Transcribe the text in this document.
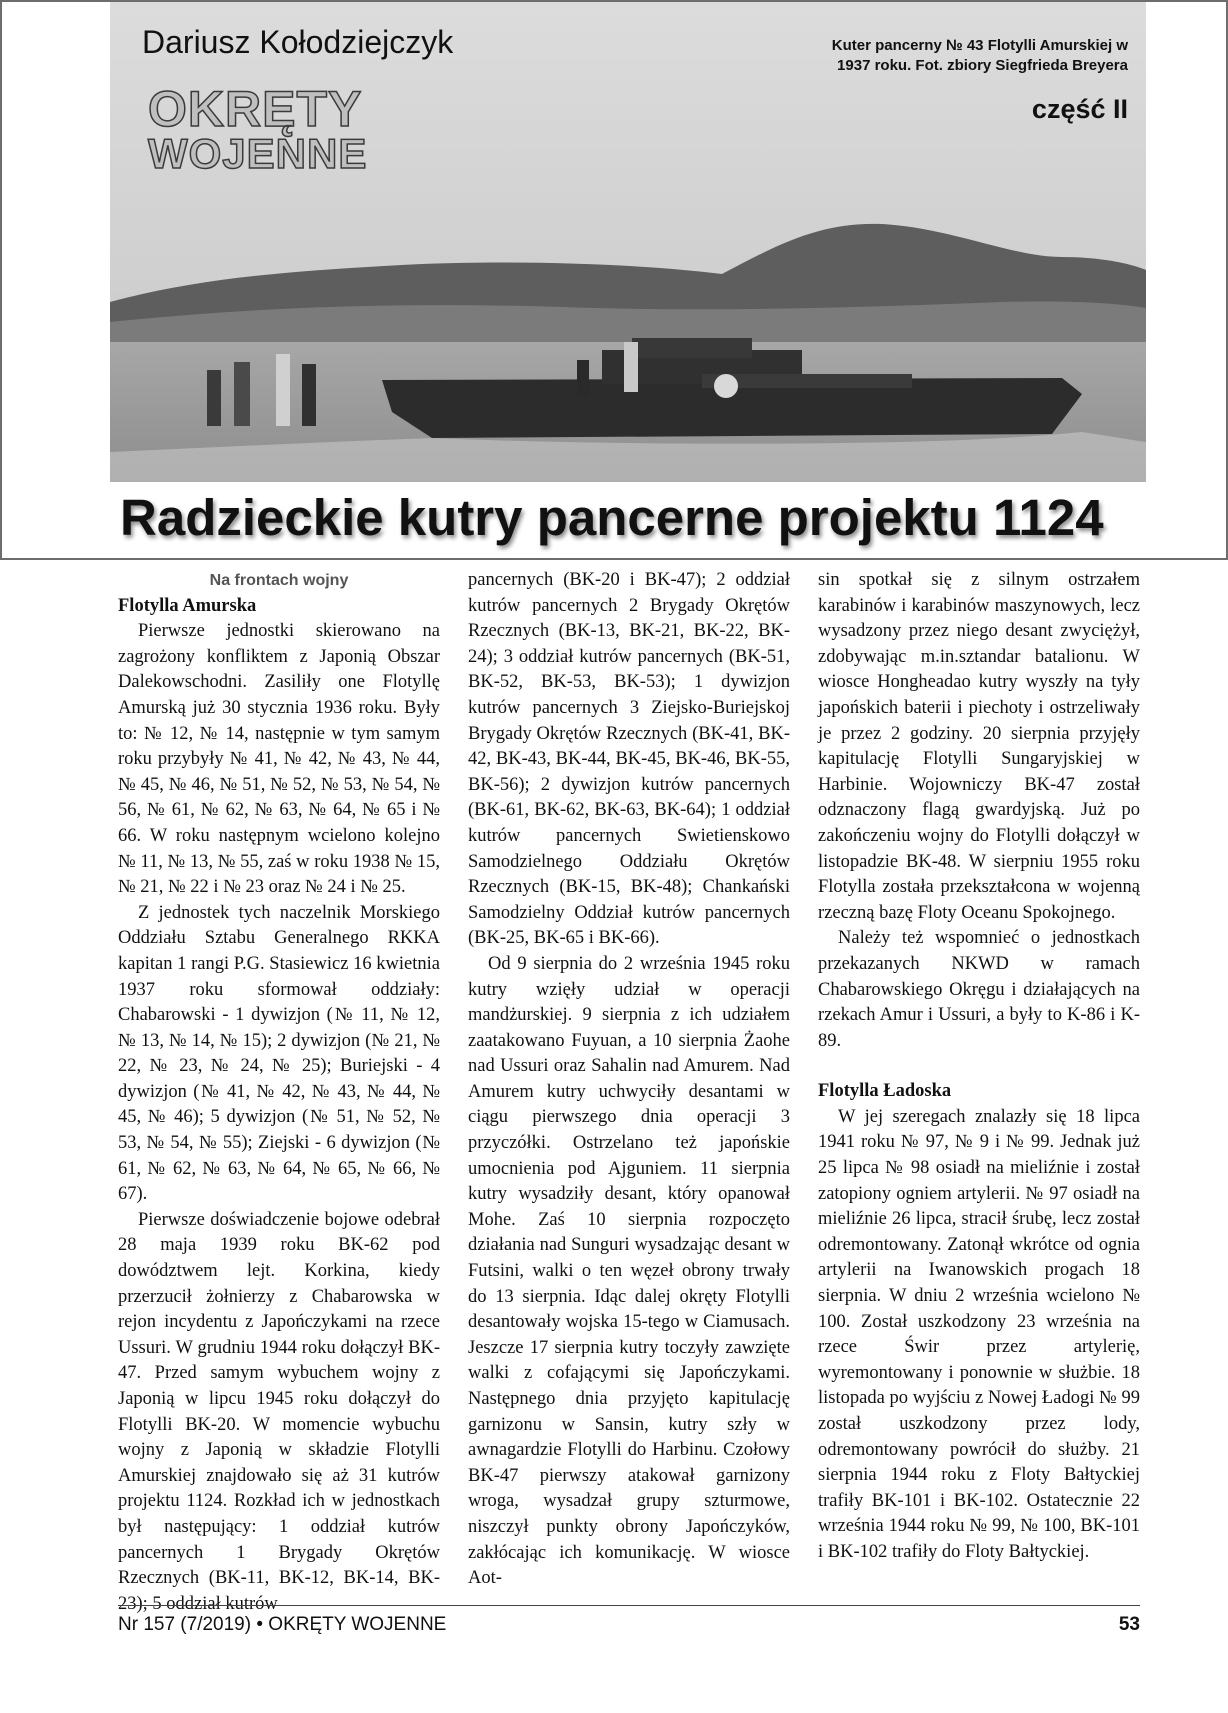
Dariusz Kołodziejczyk
OKRĘTY
WOJENNE
Kuter pancerny № 43 Flotylli Amurskiej w
1937 roku. Fot. zbiory Siegfrieda Breyera
część II
Radzieckie kutry pancerne projektu 1124
Na frontach wojny
Flotylla Amurska

Pierwsze jednostki skierowano na zagrożony konfliktem z Japonią Obszar Dalekowschodni. Zasiliły one Flotyllę Amurską już 30 stycznia 1936 roku. Były to: № 12, № 14, następnie w tym samym roku przybyły № 41, № 42, № 43, № 44, № 45, № 46, № 51, № 52, № 53, № 54, № 56, № 61, № 62, № 63, № 64, № 65 i № 66. W roku następnym wcielono kolejno № 11, № 13, № 55, zaś w roku 1938 № 15, № 21, № 22 i № 23 oraz № 24 i № 25.

Z jednostek tych naczelnik Morskiego Oddziału Sztabu Generalnego RKKA kapitan 1 rangi P.G. Stasiewicz 16 kwietnia 1937 roku sformował oddziały: Chabarowski - 1 dywizjon (№ 11, № 12, № 13, № 14, № 15); 2 dywizjon (№ 21, № 22, № 23, № 24, № 25); Buriejski - 4 dywizjon (№ 41, № 42, № 43, № 44, № 45, № 46); 5 dywizjon (№ 51, № 52, № 53, № 54, № 55); Ziejski - 6 dywizjon (№ 61, № 62, № 63, № 64, № 65, № 66, № 67).

Pierwsze doświadczenie bojowe odebrał 28 maja 1939 roku BK-62 pod dowództwem lejt. Korkina, kiedy przerzucił żołnierzy z Chabarowska w rejon incydentu z Japończykami na rzece Ussuri. W grudniu 1944 roku dołączył BK-47. Przed samym wybuchem wojny z Japonią w lipcu 1945 roku dołączył do Flotylli BK-20. W momencie wybuchu wojny z Japonią w składzie Flotylli Amurskiej znajdowało się aż 31 kutrów projektu 1124. Rozkład ich w jednostkach był następujący: 1 oddział kutrów pancernych 1 Brygady Okrętów Rzecznych (BK-11, BK-12, BK-14, BK-23); 5 oddział kutrów

pancernych (BK-20 i BK-47); 2 oddział kutrów pancernych 2 Brygady Okrętów Rzecznych (BK-13, BK-21, BK-22, BK-24); 3 oddział kutrów pancernych (BK-51, BK-52, BK-53, BK-53); 1 dywizjon kutrów pancernych 3 Ziejsko-Buriejskoj Brygady Okrętów Rzecznych (BK-41, BK-42, BK-43, BK-44, BK-45, BK-46, BK-55, BK-56); 2 dywizjon kutrów pancernych (BK-61, BK-62, BK-63, BK-64); 1 oddział kutrów pancernych Swietienskowo Samodzielnego Oddziału Okrętów Rzecznych (BK-15, BK-48); Chankański Samodzielny Oddział kutrów pancernych (BK-25, BK-65 i BK-66).

Od 9 sierpnia do 2 września 1945 roku kutry wzięły udział w operacji mandżurskiej. 9 sierpnia z ich udziałem zaatakowano Fuyuan, a 10 sierpnia Żaohe nad Ussuri oraz Sahalin nad Amurem. Nad Amurem kutry uchwyciły desantami w ciągu pierwszego dnia operacji 3 przyczółki. Ostrzelano też japońskie umocnienia pod Ajguniem. 11 sierpnia kutry wysadziły desant, który opanował Mohe. Zaś 10 sierpnia rozpoczęto działania nad Sunguri wysadzając desant w Futsini, walki o ten węzeł obrony trwały do 13 sierpnia. Idąc dalej okręty Flotylli desantowały wojska 15-tego w Ciamusach. Jeszcze 17 sierpnia kutry toczyły zawzięte walki z cofającymi się Japończykami. Następnego dnia przyjęto kapitulację garnizonu w Sansin, kutry szły w awnagardzie Flotylli do Harbinu. Czołowy BK-47 pierwszy atakował garnizony wroga, wysadzał grupy szturmowe, niszczył punkty obrony Japończyków, zakłócając ich komunikację. W wiosce Aot-

sin spotkał się z silnym ostrzałem karabinów i karabinów maszynowych, lecz wysadzony przez niego desant zwyciężył, zdobywając m.in.sztandar batalionu. W wiosce Hongheadao kutry wyszły na tyły japońskich baterii i piechoty i ostrzeliwały je przez 2 godziny. 20 sierpnia przyjęły kapitulację Flotylli Sungaryjskiej w Harbinie. Wojowniczy BK-47 został odznaczony flagą gwardyjską. Już po zakończeniu wojny do Flotylli dołączył w listopadzie BK-48. W sierpniu 1955 roku Flotylla została przekształcona w wojenną rzeczną bazę Floty Oceanu Spokojnego.

Należy też wspomnieć o jednostkach przekazanych NKWD w ramach Chabarowskiego Okręgu i działających na rzekach Amur i Ussuri, a były to K-86 i K-89.

Flotylla Ładoska

W jej szeregach znalazły się 18 lipca 1941 roku № 97, № 9 i № 99. Jednak już 25 lipca № 98 osiadł na mieliźnie i został zatopiony ogniem artylerii. № 97 osiadł na mieliźnie 26 lipca, stracił śrubę, lecz został odremontowany. Zatonął wkrótce od ognia artylerii na Iwanowskich progach 18 sierpnia. W dniu 2 września wcielono № 100. Został uszkodzony 23 września na rzece Świr przez artylerię, wyremontowany i ponownie w służbie. 18 listopada po wyjściu z Nowej Ładogi № 99 został uszkodzony przez lody, odremontowany powrócił do służby. 21 sierpnia 1944 roku z Floty Bałtyckiej trafiły BK-101 i BK-102. Ostatecznie 22 września 1944 roku № 99, № 100, BK-101 i BK-102 trafiły do Floty Bałtyckiej.

Nr 157 (7/2019) • OKRĘTY WOJENNE	53
